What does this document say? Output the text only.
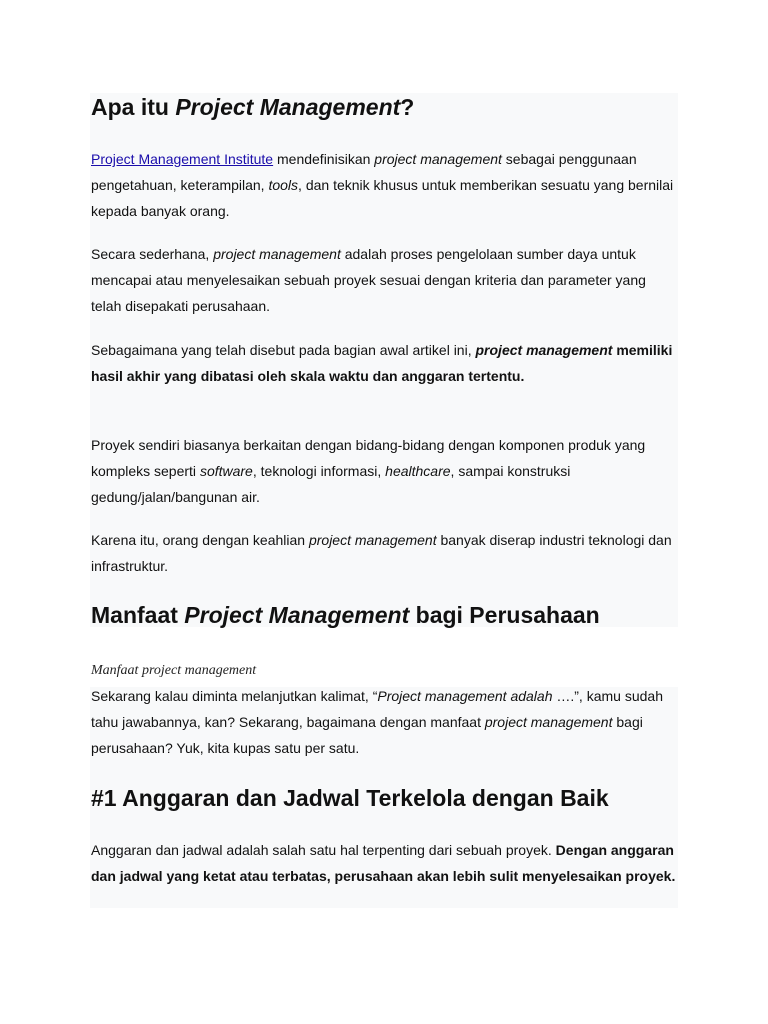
Apa itu Project Management?

Project Management Institute mendefinisikan project management sebagai penggunaan pengetahuan, keterampilan, tools, dan teknik khusus untuk memberikan sesuatu yang bernilai kepada banyak orang.

Secara sederhana, project management adalah proses pengelolaan sumber daya untuk mencapai atau menyelesaikan sebuah proyek sesuai dengan kriteria dan parameter yang telah disepakati perusahaan.

Sebagaimana yang telah disebut pada bagian awal artikel ini, project management memiliki hasil akhir yang dibatasi oleh skala waktu dan anggaran tertentu.

Proyek sendiri biasanya berkaitan dengan bidang-bidang dengan komponen produk yang kompleks seperti software, teknologi informasi, healthcare, sampai konstruksi gedung/jalan/bangunan air.

Karena itu, orang dengan keahlian project management banyak diserap industri teknologi dan infrastruktur.

Manfaat Project Management bagi Perusahaan
Manfaat project management

Sekarang kalau diminta melanjutkan kalimat, “Project management adalah ….”, kamu sudah tahu jawabannya, kan? Sekarang, bagaimana dengan manfaat project management bagi perusahaan? Yuk, kita kupas satu per satu.

#1 Anggaran dan Jadwal Terkelola dengan Baik

Anggaran dan jadwal adalah salah satu hal terpenting dari sebuah proyek. Dengan anggaran dan jadwal yang ketat atau terbatas, perusahaan akan lebih sulit menyelesaikan proyek.
